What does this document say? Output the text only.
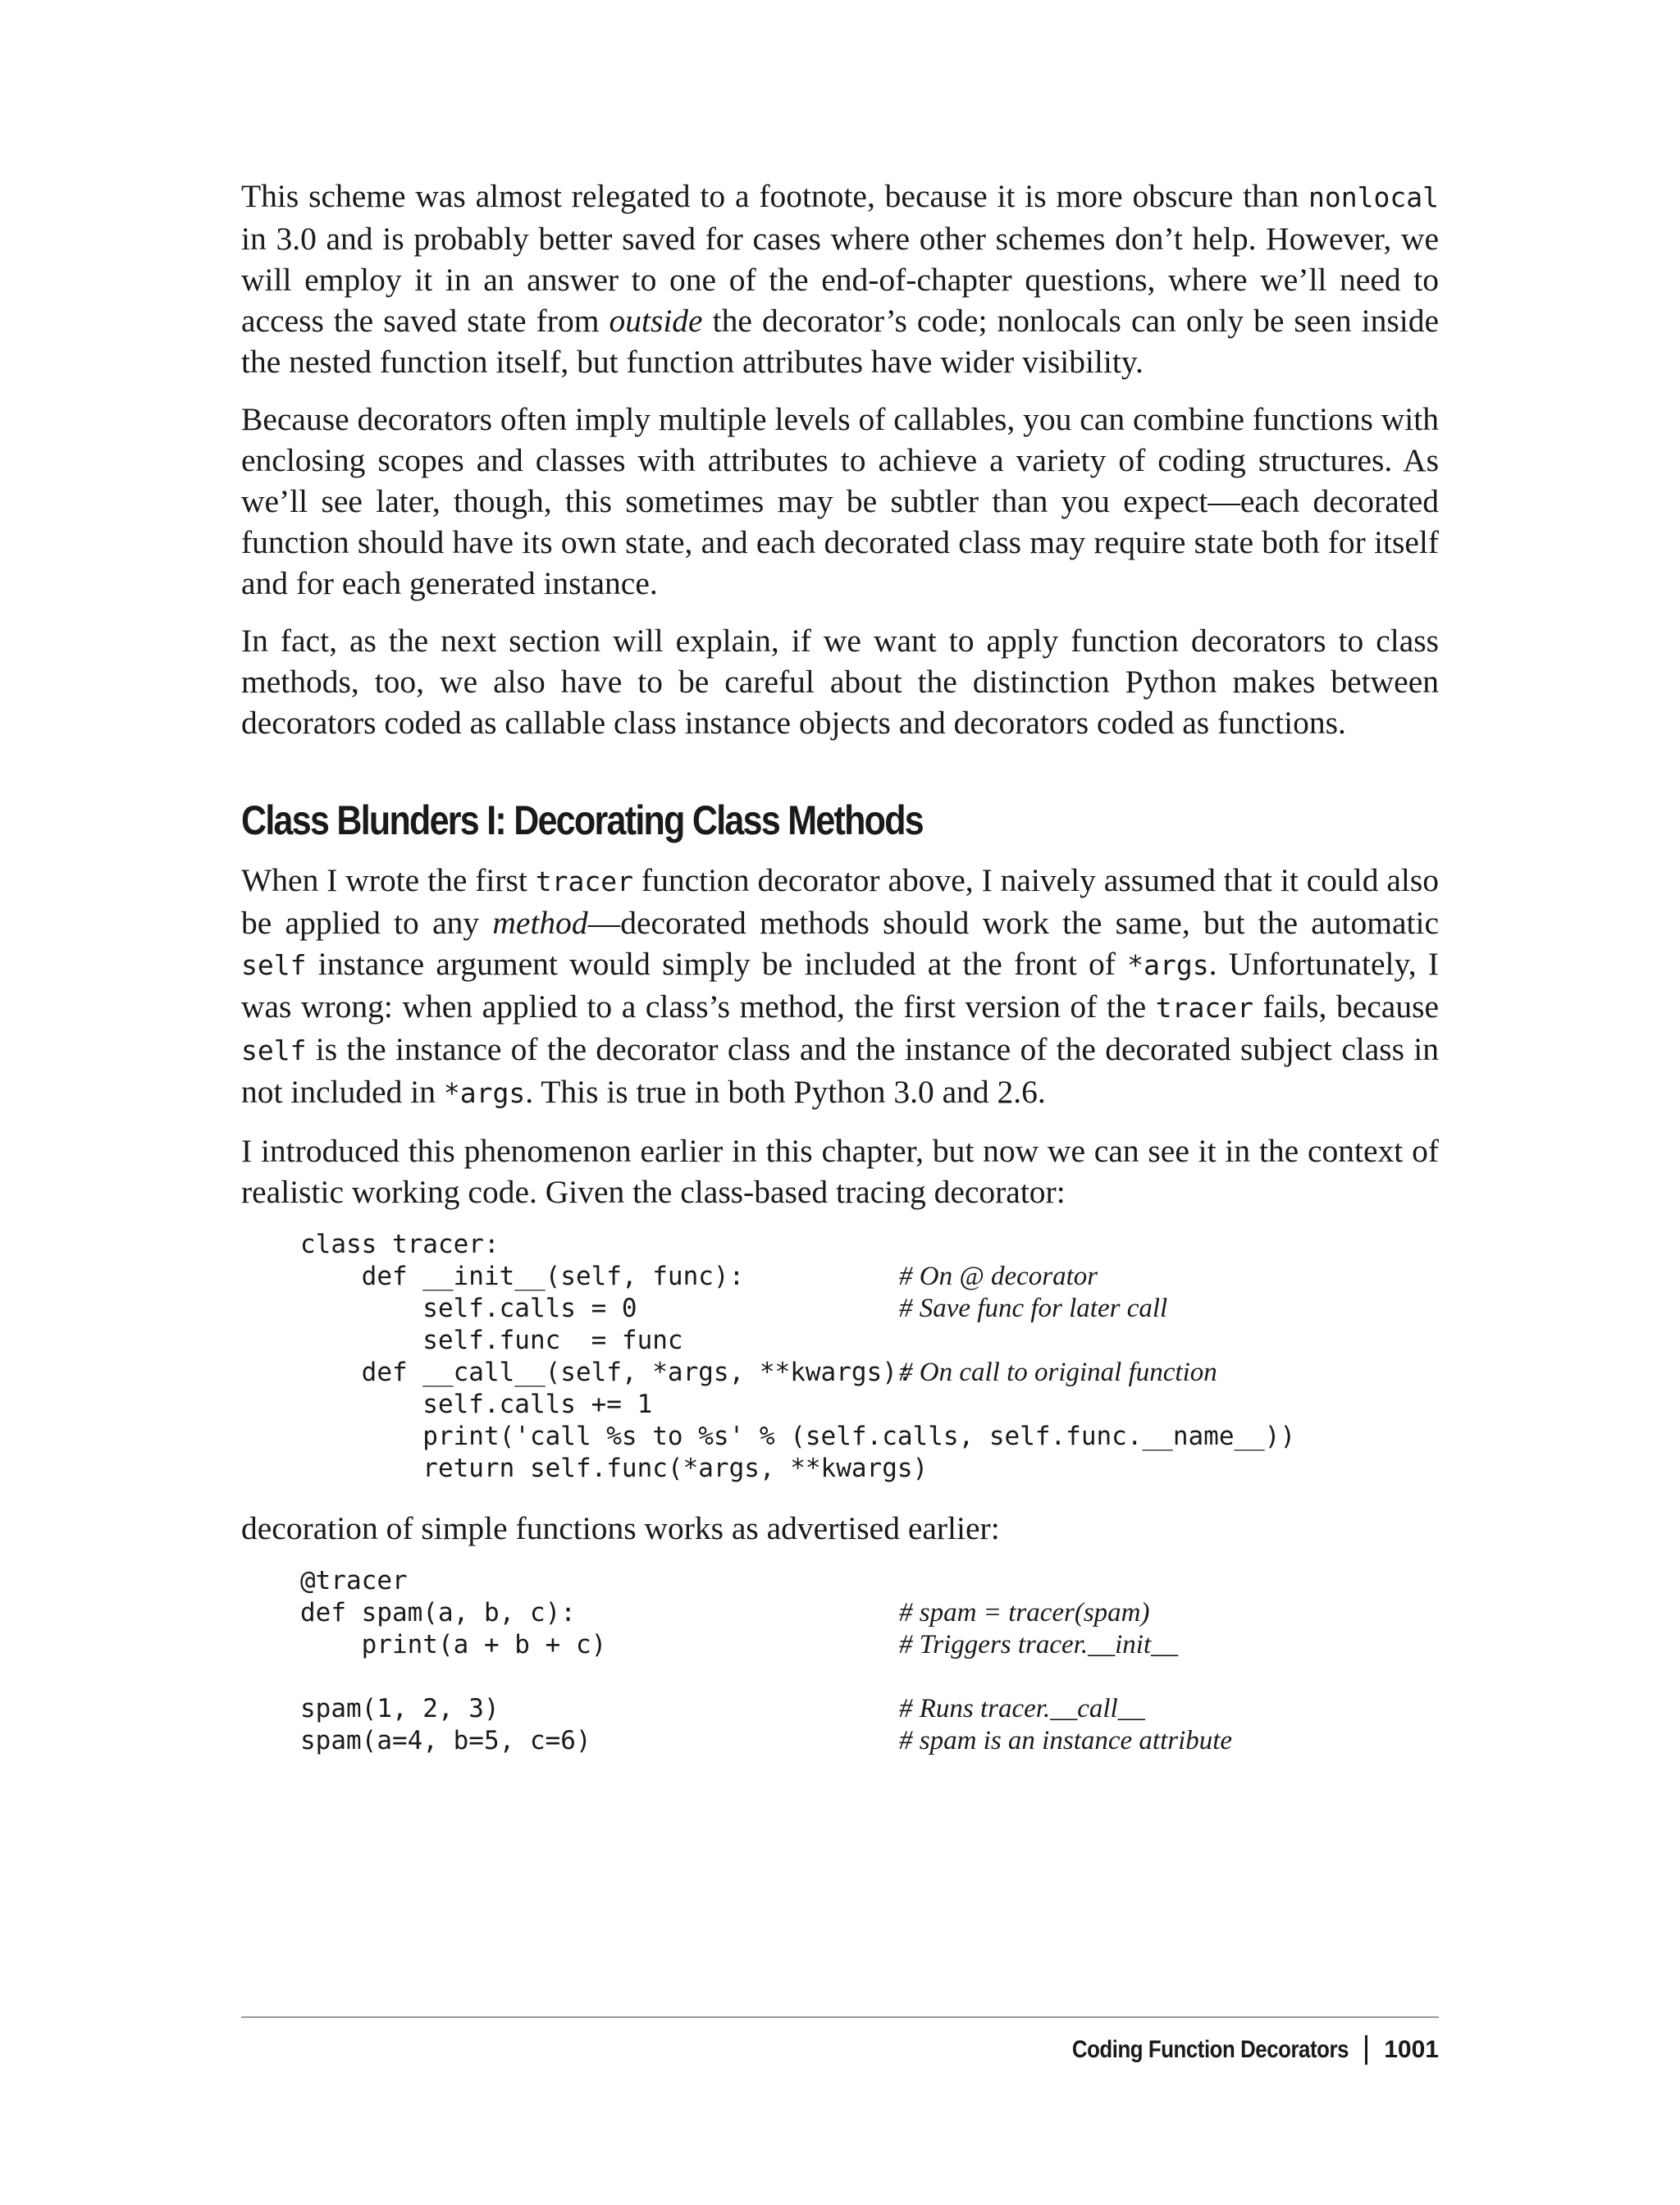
This scheme was almost relegated to a footnote, because it is more obscure than nonlocal in 3.0 and is probably better saved for cases where other schemes don’t help. However, we will employ it in an answer to one of the end-of-chapter questions, where we’ll need to access the saved state from outside the decorator’s code; nonlocals can only be seen inside the nested function itself, but function attributes have wider visibility.

Because decorators often imply multiple levels of callables, you can combine functions with enclosing scopes and classes with attributes to achieve a variety of coding structures. As we’ll see later, though, this sometimes may be subtler than you expect—each decorated function should have its own state, and each decorated class may require state both for itself and for each generated instance.

In fact, as the next section will explain, if we want to apply function decorators to class methods, too, we also have to be careful about the distinction Python makes between decorators coded as callable class instance objects and decorators coded as functions.

Class Blunders I: Decorating Class Methods

When I wrote the first tracer function decorator above, I naively assumed that it could also be applied to any method—decorated methods should work the same, but the automatic self instance argument would simply be included at the front of *args. Unfortunately, I was wrong: when applied to a class’s method, the first version of the tracer fails, because self is the instance of the decorator class and the instance of the decorated subject class in not included in *args. This is true in both Python 3.0 and 2.6.

I introduced this phenomenon earlier in this chapter, but now we can see it in the context of realistic working code. Given the class-based tracing decorator:

class tracer:
def __init__(self, func):	# On @ decorator
self.calls = 0	# Save func for later call
self.func  = func
def __call__(self, *args, **kwargs):
# On call to original function
self.calls += 1
print('call %s to %s' % (self.calls, self.func.__name__))
return self.func(*args, **kwargs)

decoration of simple functions works as advertised earlier:

@tracer
def spam(a, b, c):	# spam = tracer(spam)
print(a + b + c)	# Triggers tracer.__init__
spam(1, 2, 3)	# Runs tracer.__call__
spam(a=4, b=5, c=6)	# spam is an instance attribute
Coding Function Decorators 1001
